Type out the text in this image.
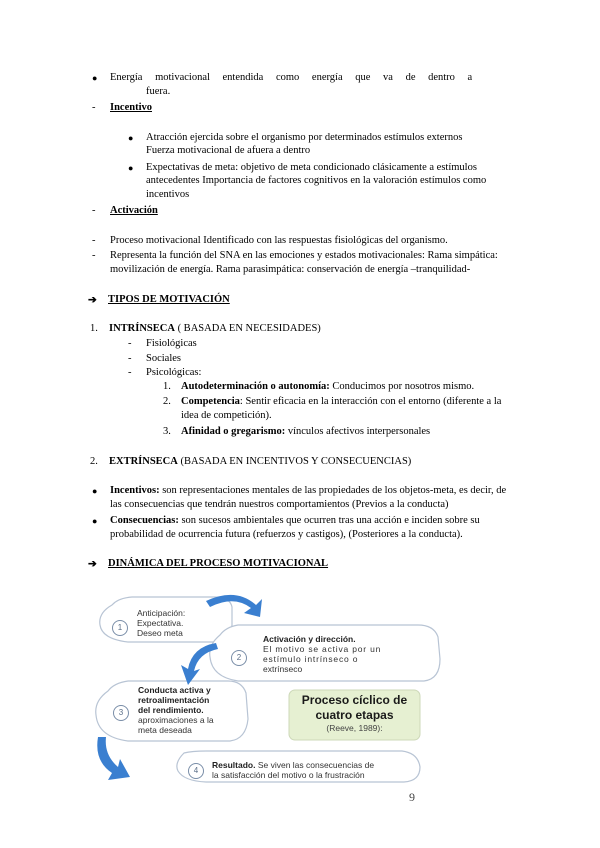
● Energía motivacional entendida como energía que va de dentro a
fuera.
- Incentivo
● Atracción ejercida sobre el organismo por determinados estímulos externos
Fuerza motivacional de afuera a dentro
● Expectativas de meta: objetivo de meta condicionado clásicamente a estímulos
antecedentes Importancia de factores cognitivos en la valoración estímulos como
incentivos
- Activación
- Proceso motivacional Identificado con las respuestas fisiológicas del organismo.
- Representa la función del SNA en las emociones y estados motivacionales: Rama simpática:
movilización de energía. Rama parasimpática: conservación de energía –tranquilidad-
➔ TIPOS DE MOTIVACIÓN
1. INTRÍNSECA ( BASADA EN NECESIDADES)
- Fisiológicas
- Sociales
- Psicológicas:
1. Autodeterminación o autonomía: Conducimos por nosotros mismo.
2. Competencia: Sentir eficacia en la interacción con el entorno (diferente a la
idea de competición).
3. Afinidad o gregarismo: vínculos afectivos interpersonales
2. EXTRÍNSECA (BASADA EN INCENTIVOS Y CONSECUENCIAS)
● Incentivos: son representaciones mentales de las propiedades de los objetos-meta, es decir, de
las consecuencias que tendrán nuestros comportamientos (Previos a la conducta)
● Consecuencias: son sucesos ambientales que ocurren tras una acción e inciden sobre su
probabilidad de ocurrencia futura (refuerzos y castigos), (Posteriores a la conducta).
➔ DINÁMICA DEL PROCESO MOTIVACIONAL
1
Anticipación:
Expectativa.
Deseo meta
2
Activación y dirección.
El motivo se activa por un
estímulo intrínseco o
extrínseco
3
Conducta activa y
retroalimentación
del rendimiento.
aproximaciones a la
meta deseada
4
Resultado. Se viven las consecuencias de
la satisfacción del motivo o la frustración
Proceso cíclico de
cuatro etapas
(Reeve, 1989):
9
